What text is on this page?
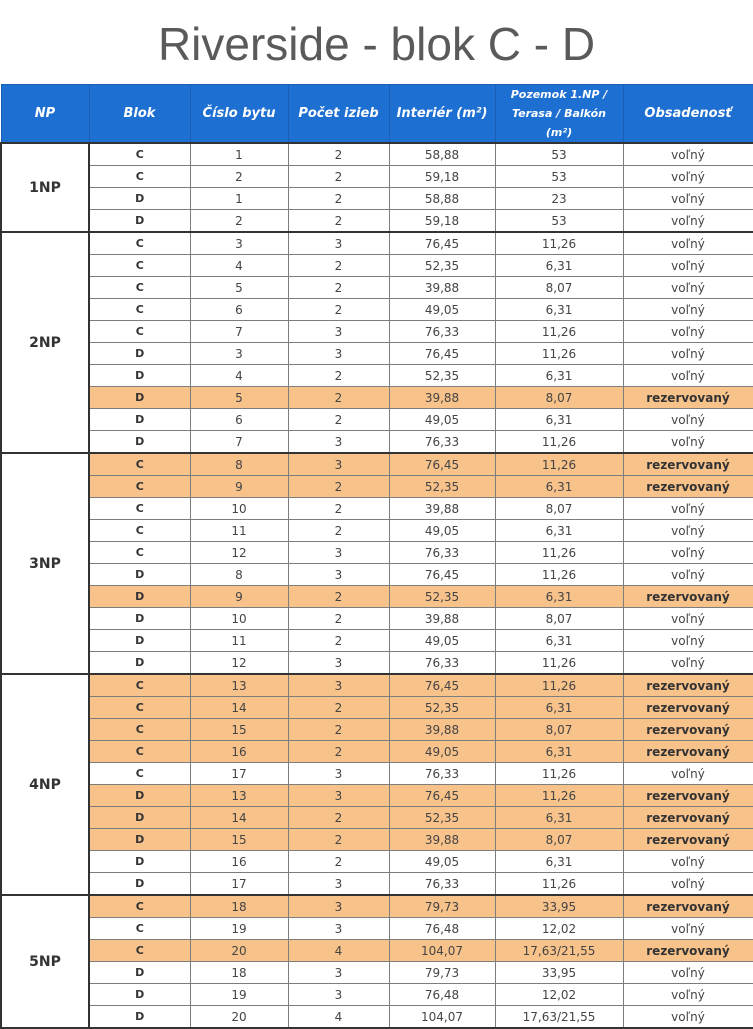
Riverside - blok C - D
NP	Blok	Číslo bytu	Počet izieb	Interiér (m²)	Pozemok 1.NP /
Terasa / Balkón (m²)	Obsadenosť
1NP	C	1	2	58,88	53	voľný
	C	2	2	59,18	53	voľný
	D	1	2	58,88	23	voľný
	D	2	2	59,18	53	voľný
2NP	C	3	3	76,45	11,26	voľný
	C	4	2	52,35	6,31	voľný
	C	5	2	39,88	8,07	voľný
	C	6	2	49,05	6,31	voľný
	C	7	3	76,33	11,26	voľný
	D	3	3	76,45	11,26	voľný
	D	4	2	52,35	6,31	voľný
	D	5	2	39,88	8,07	rezervovaný
	D	6	2	49,05	6,31	voľný
	D	7	3	76,33	11,26	voľný
3NP	C	8	3	76,45	11,26	rezervovaný
	C	9	2	52,35	6,31	rezervovaný
	C	10	2	39,88	8,07	voľný
	C	11	2	49,05	6,31	voľný
	C	12	3	76,33	11,26	voľný
	D	8	3	76,45	11,26	voľný
	D	9	2	52,35	6,31	rezervovaný
	D	10	2	39,88	8,07	voľný
	D	11	2	49,05	6,31	voľný
	D	12	3	76,33	11,26	voľný
4NP	C	13	3	76,45	11,26	rezervovaný
	C	14	2	52,35	6,31	rezervovaný
	C	15	2	39,88	8,07	rezervovaný
	C	16	2	49,05	6,31	rezervovaný
	C	17	3	76,33	11,26	voľný
	D	13	3	76,45	11,26	rezervovaný
	D	14	2	52,35	6,31	rezervovaný
	D	15	2	39,88	8,07	rezervovaný
	D	16	2	49,05	6,31	voľný
	D	17	3	76,33	11,26	voľný
5NP	C	18	3	79,73	33,95	rezervovaný
	C	19	3	76,48	12,02	voľný
	C	20	4	104,07	17,63/21,55	rezervovaný
	D	18	3	79,73	33,95	voľný
	D	19	3	76,48	12,02	voľný
	D	20	4	104,07	17,63/21,55	voľný
